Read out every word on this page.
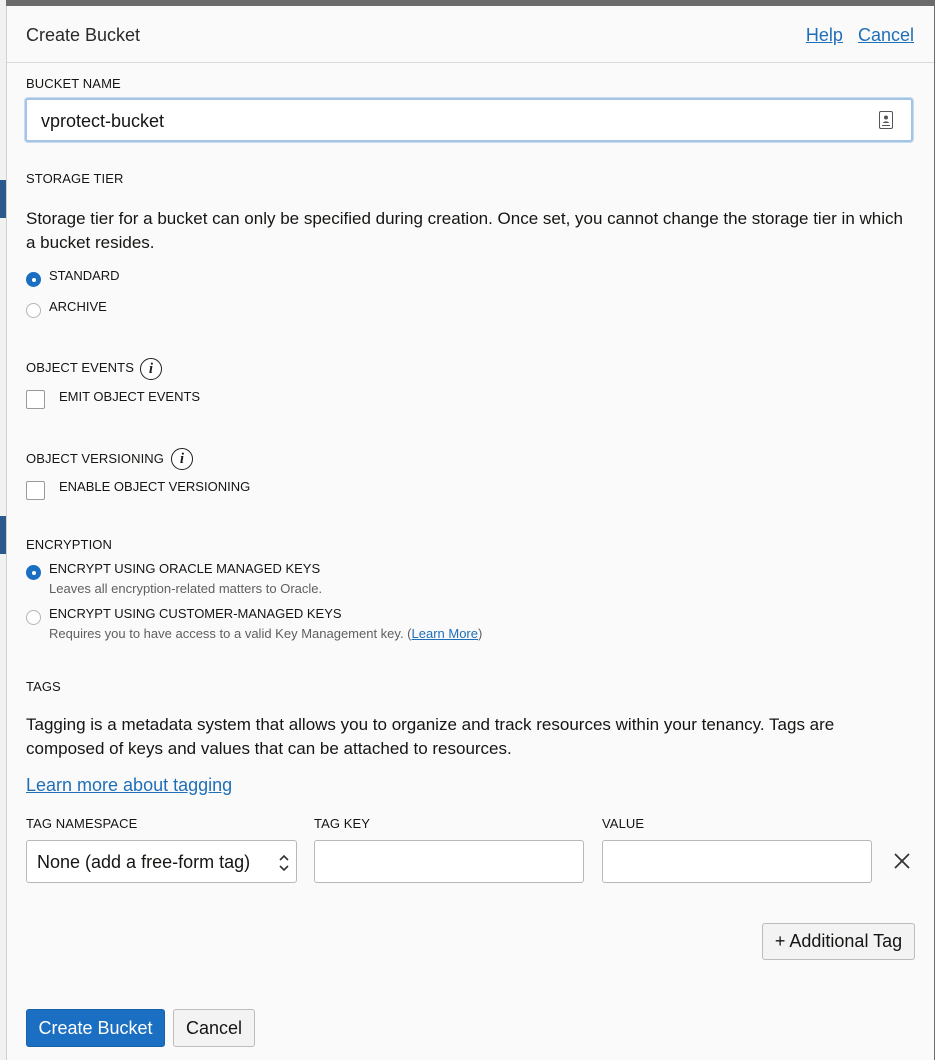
Create Bucket	Help Cancel
BUCKET NAME
vprotect-bucket
STORAGE TIER
Storage tier for a bucket can only be specified during creation. Once set, you cannot change the storage tier in which a bucket resides.
STANDARD
ARCHIVE
OBJECT EVENTS i
EMIT OBJECT EVENTS
OBJECT VERSIONING	i
ENABLE OBJECT VERSIONING
ENCRYPTION
ENCRYPT USING ORACLE MANAGED KEYS
Leaves all encryption-related matters to Oracle.
ENCRYPT USING CUSTOMER-MANAGED KEYS
Requires you to have access to a valid Key Management key. (Learn More)
TAGS
Tagging is a metadata system that allows you to organize and track resources within your tenancy. Tags are composed of keys and values that can be attached to resources.
Learn more about tagging
TAG NAMESPACE	TAG KEY	VALUE
None (add a free-form tag)
+ Additional Tag
Create Bucket	Cancel
